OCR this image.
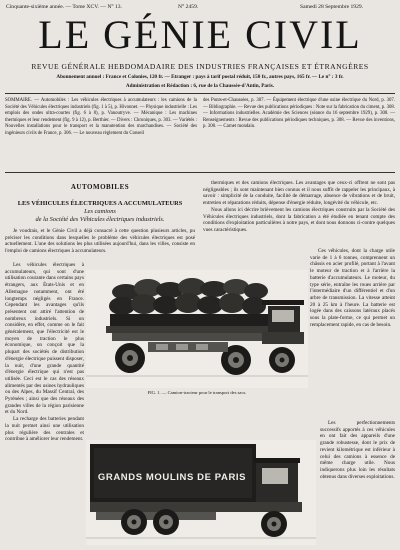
Cinquante-sixième année. — Tome XCV. — N° 13.	N° 2459.	Samedi 28 Septembre 1929.
LE GÉNIE CIVIL
REVUE GÉNÉRALE HEBDOMADAIRE DES INDUSTRIES FRANÇAISES ET ÉTRANGÈRES
Abonnement annuel : France et Colonies, 120 fr. — Étranger : pays à tarif postal réduit, 150 fr., autres pays, 165 fr. — Le n° : 3 fr.
Administration et Rédaction : 6, rue de la Chaussée-d'Antin, Paris.
SOMMAIRE. — Automobiles : Les véhicules électriques à accumulateurs : les camions de la Société des Véhicules électriques industriels (fig. 1 à 5), p. Hivonnet. — Physique industrielle : Les emplois des ondes ultra-courtes (fig. 6 à 8), p. Vanoutryve. — Mécanique : Les machines thermiques et leur rendement (fig. 9 à 12), p. Berthier. — Divers : Chroniques, p. 303. — Variétés : Nouvelles installations pour le transport et la manutention des marchandises. — Société des ingénieurs civils de France, p. 306. — Le nouveau règlement du Conseil
des Ponts-et-Chaussées, p. 307. — Équipement électrique d'une usine électrique du Nord, p. 307. — Bibliographie. — Revue des publications périodiques : Note sur la fabrication du ciment, p. 308. — Informations industrielles. Académie des Sciences (séance du 16 septembre 1929), p. 308. — Renseignements : Revue des publications périodiques techniques, p. 308. — Revue des inventions, p. 308. — Carnet mondain.
AUTOMOBILES
LES VÉHICULES ÉLECTRIQUES A ACCUMULATEURS
Les camions
de la Société des Véhicules électriques industriels.

Je voudrais, et le Génie Civil a déjà consacré à cette question plusieurs articles, pu préciser les conditions dans lesquelles le problème des véhicules électriques est posé actuellement. L'une des solutions les plus utilisées aujourd'hui, dans les villes, consiste en l'emploi de camions électriques à accumulateurs.

Les véhicules électriques à accumulateurs, qui sont d'une utilisation courante dans certains pays étrangers, aux États-Unis et en Allemagne notamment, ont été longtemps négligés en France. Cependant les avantages qu'ils présentent ont attiré l'attention de nombreux industriels. Si on considère, en effet, comme on le fait généralement, que l'électricité est le moyen de traction le plus économique, on conçoit que la plupart des sociétés de distribution d'énergie électrique puissent disposer, la nuit, d'une grande quantité d'énergie électrique qui n'est pas utilisée. Ceci est le cas des réseaux alimentés par des usines hydrauliques ou des Alpes, du Massif Central, des Pyrénées ; ainsi que des réseaux des grandes villes de la région parisienne et du Nord.

La recharge des batteries pendant la nuit permet ainsi une utilisation plus régulière des centrales et contribue à améliorer leur rendement.

thermiques et des camions électriques. Les avantages que ceux-ci offrent ne sont pas négligeables ; ils sont maintenant bien connus et il nous suffit de rappeler les principaux, à savoir : simplicité de la conduite, facilité de démarrage, absence de vibrations et de bruit, entretien et réparations réduits, dépense d'énergie réduite, longévité du véhicule, etc.

Nous allons ici décrire brièvement les camions électriques construits par la Société des Véhicules électriques industriels, dont la fabrication a été étudiée en tenant compte des conditions d'exploitation particulières à notre pays, et dont nous donnons ci-contre quelques vues caractéristiques.

Ces véhicules, dont la charge utile varie de 1 à 6 tonnes, comprennent un châssis en acier profilé, portant à l'avant le moteur de traction et à l'arrière la batterie d'accumulateurs. Le moteur, du type série, entraîne les roues arrière par l'intermédiaire d'un différentiel et d'un arbre de transmission. La vitesse atteint 20 à 25 km à l'heure. La batterie est logée dans des caissons latéraux placés sous la plate-forme, ce qui permet un remplacement rapide, en cas de besoin.

Les perfectionnements successifs apportés à ces véhicules en ont fait des appareils d'une grande robustesse, dont le prix de revient kilométrique est inférieur à celui des camions à essence de même charge utile. Nous indiquerons plus loin les résultats obtenus dans diverses exploitations.

FIG. 1. — Camion-tracteur pour le transport des sacs.
GRANDS MOULINS DE PARIS
